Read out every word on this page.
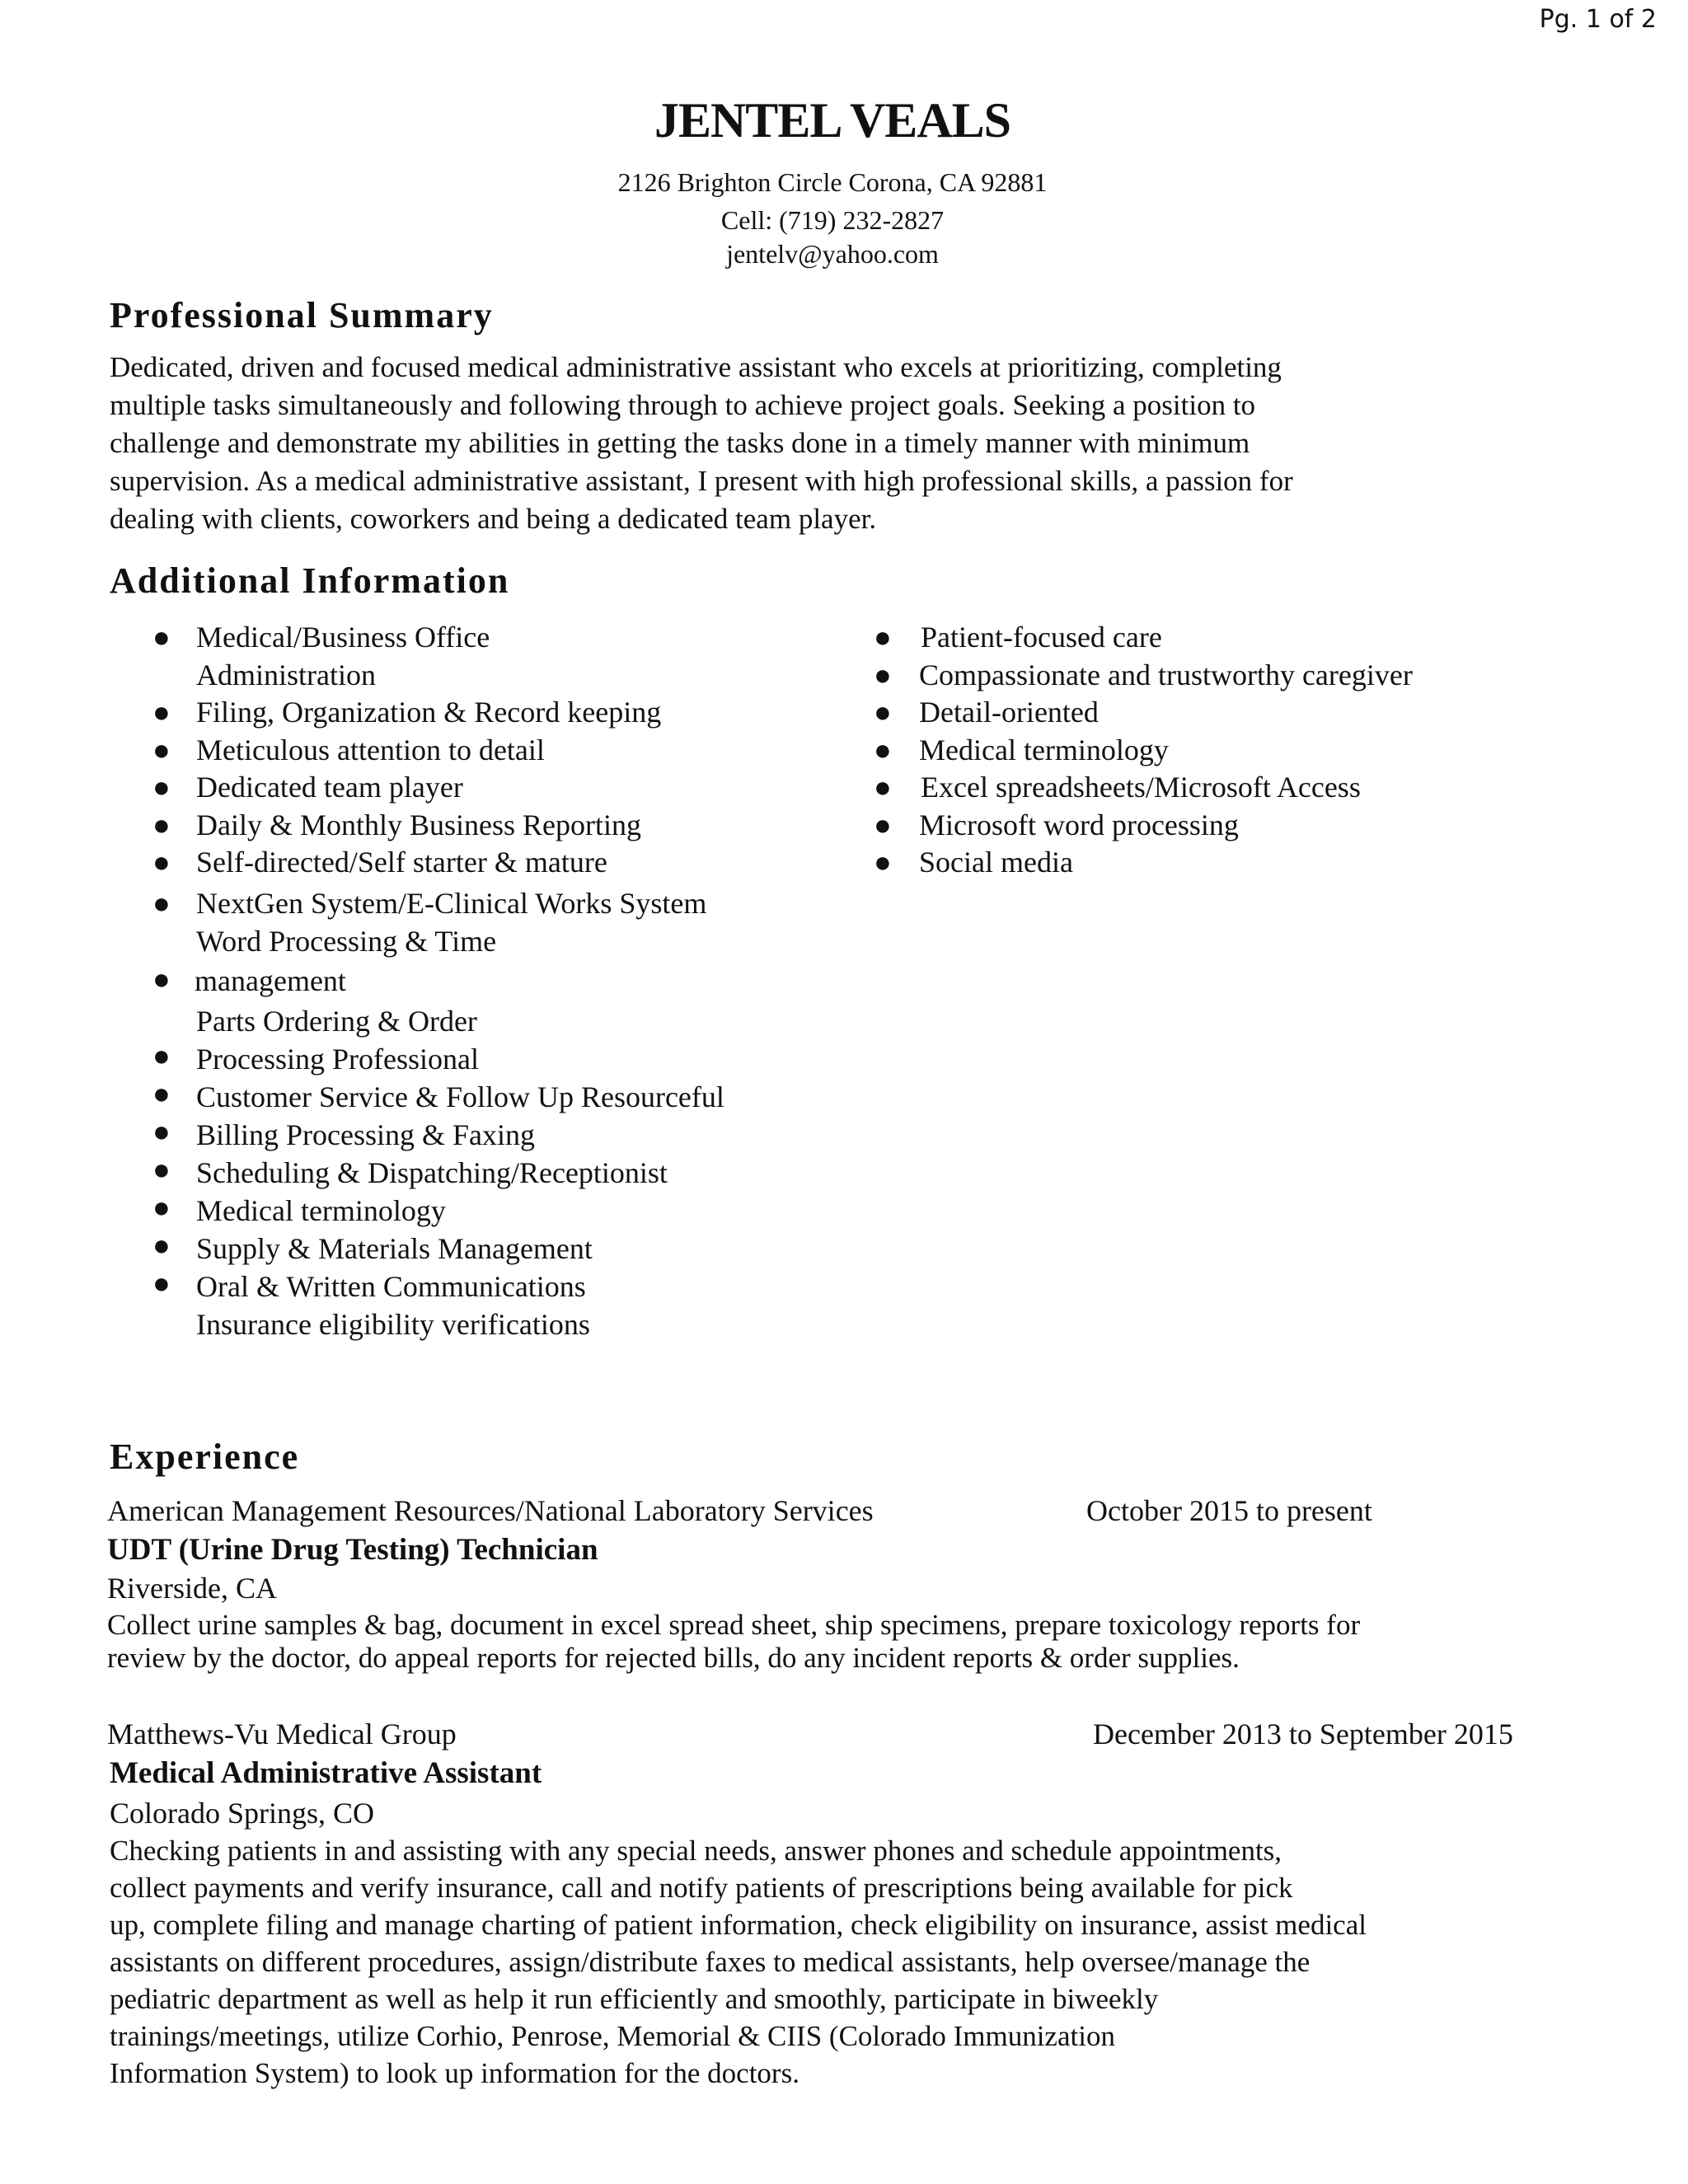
Pg. 1 of 2
JENTEL VEALS
2126 Brighton Circle Corona, CA 92881
Cell: (719) 232-2827
jentelv@yahoo.com
Professional Summary
Dedicated, driven and focused medical administrative assistant who excels at prioritizing, completing
multiple tasks simultaneously and following through to achieve project goals. Seeking a position to
challenge and demonstrate my abilities in getting the tasks done in a timely manner with minimum
supervision. As a medical administrative assistant, I present with high professional skills, a passion for
dealing with clients, coworkers and being a dedicated team player.
Additional Information
● Medical/Business Office
Administration
● Filing, Organization & Record keeping
● Meticulous attention to detail
● Dedicated team player
● Daily & Monthly Business Reporting
● Self-directed/Self starter & mature
● NextGen System/E-Clinical Works System
Word Processing & Time
● management
Parts Ordering & Order
● Processing Professional
● Customer Service & Follow Up Resourceful
● Billing Processing & Faxing
● Scheduling & Dispatching/Receptionist
● Medical terminology
● Supply & Materials Management
● Oral & Written Communications
Insurance eligibility verifications
● Patient-focused care
● Compassionate and trustworthy caregiver
● Detail-oriented
● Medical terminology
● Excel spreadsheets/Microsoft Access
● Microsoft word processing
● Social media
Experience
American Management Resources/National Laboratory Services	October 2015 to present
UDT (Urine Drug Testing) Technician
Riverside, CA
Collect urine samples & bag, document in excel spread sheet, ship specimens, prepare toxicology reports for
review by the doctor, do appeal reports for rejected bills, do any incident reports & order supplies.
Matthews-Vu Medical Group	December 2013 to September 2015
Medical Administrative Assistant
Colorado Springs, CO
Checking patients in and assisting with any special needs, answer phones and schedule appointments,
collect payments and verify insurance, call and notify patients of prescriptions being available for pick
up, complete filing and manage charting of patient information, check eligibility on insurance, assist medical
assistants on different procedures, assign/distribute faxes to medical assistants, help oversee/manage the
pediatric department as well as help it run efficiently and smoothly, participate in biweekly
trainings/meetings, utilize Corhio, Penrose, Memorial & CIIS (Colorado Immunization
Information System) to look up information for the doctors.
